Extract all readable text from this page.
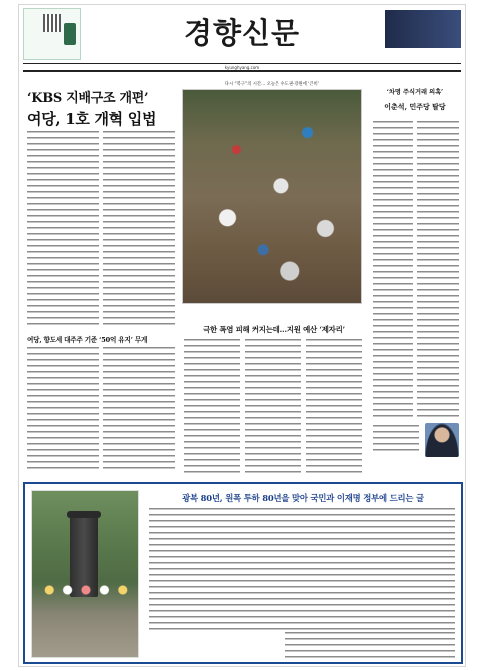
경향신문
kyunghyang.com
‘KBS 지배구조 개편’
여당, 1호 개혁 입법
여당, 향도세 대주주 기준 ‘50억 유지’ 무게
다시 “복구”의 시간… 오늘은 수도권·강원에 ‘큰비’
극한 폭염 피해 커지는데…지원 예산 ‘제자리’
‘차명 주식거래 의혹’
이춘석, 민주당 탈당
광복 80년, 원폭 투하 80년을 맞아 국민과 이재명 정부에 드리는 글
